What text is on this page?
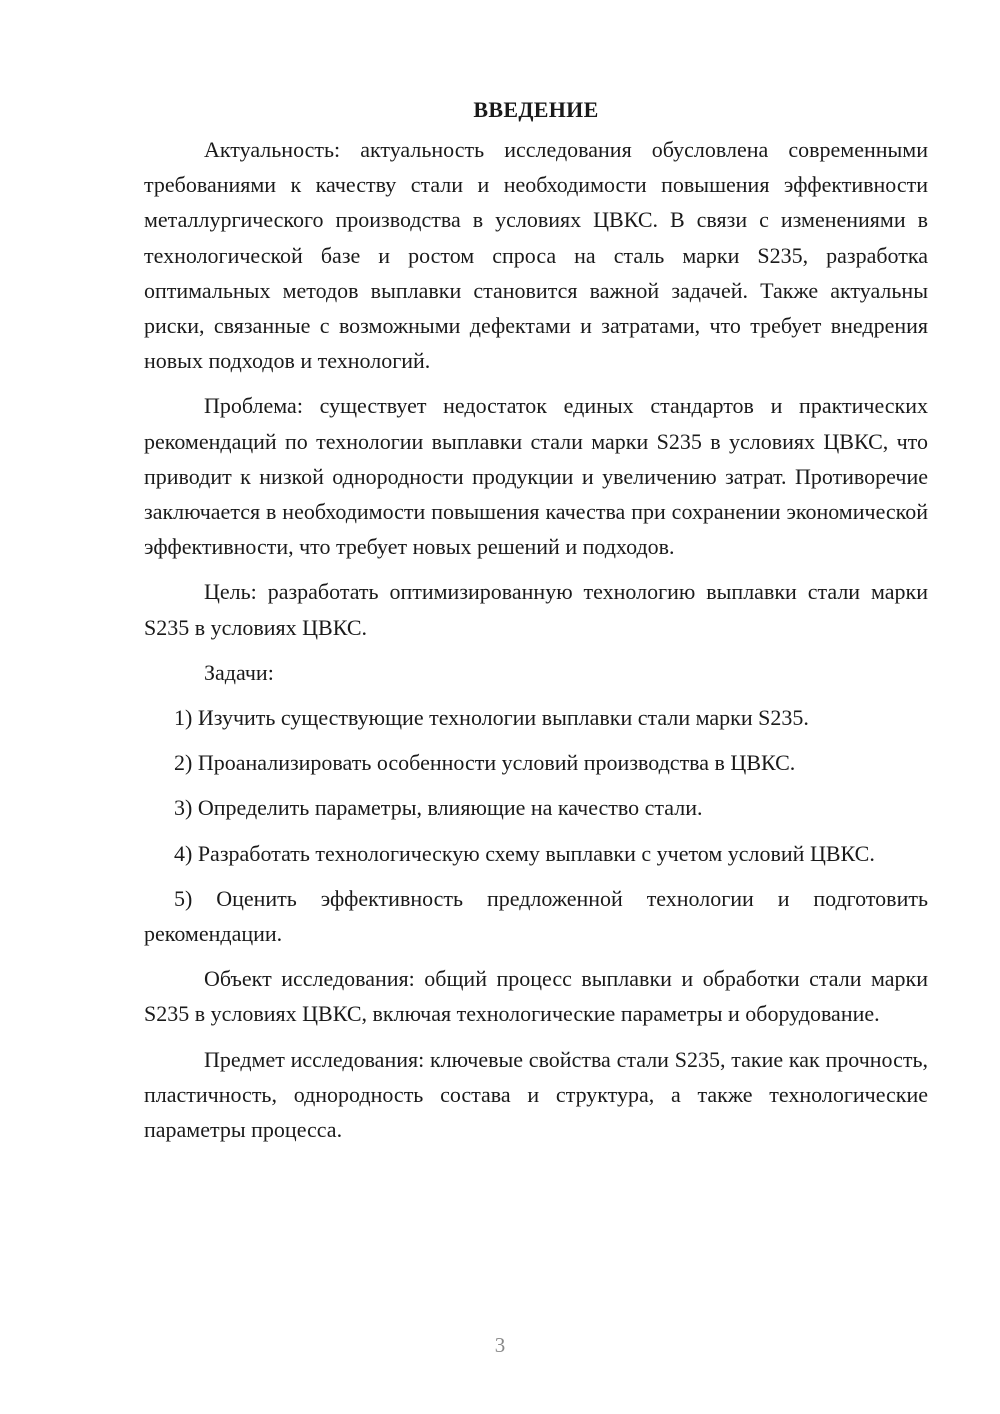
ВВЕДЕНИЕ

Актуальность: актуальность исследования обусловлена современными требованиями к качеству стали и необходимости повышения эффективности металлургического производства в условиях ЦВКС. В связи с изменениями в технологической базе и ростом спроса на сталь марки S235, разработка оптимальных методов выплавки становится важной задачей. Также актуальны риски, связанные с возможными дефектами и затратами, что требует внедрения новых подходов и технологий.

Проблема: существует недостаток единых стандартов и практических рекомендаций по технологии выплавки стали марки S235 в условиях ЦВКС, что приводит к низкой однородности продукции и увеличению затрат. Противоречие заключается в необходимости повышения качества при сохранении экономической эффективности, что требует новых решений и подходов.

Цель: разработать оптимизированную технологию выплавки стали марки S235 в условиях ЦВКС.

Задачи:

1) Изучить существующие технологии выплавки стали марки S235.

2) Проанализировать особенности условий производства в ЦВКС.

3) Определить параметры, влияющие на качество стали.

4) Разработать технологическую схему выплавки с учетом условий ЦВКС.

5) Оценить эффективность предложенной технологии и подготовить рекомендации.

Объект исследования: общий процесс выплавки и обработки стали марки S235 в условиях ЦВКС, включая технологические параметры и оборудование.

Предмет исследования: ключевые свойства стали S235, такие как прочность, пластичность, однородность состава и структура, а также технологические параметры процесса.

3
